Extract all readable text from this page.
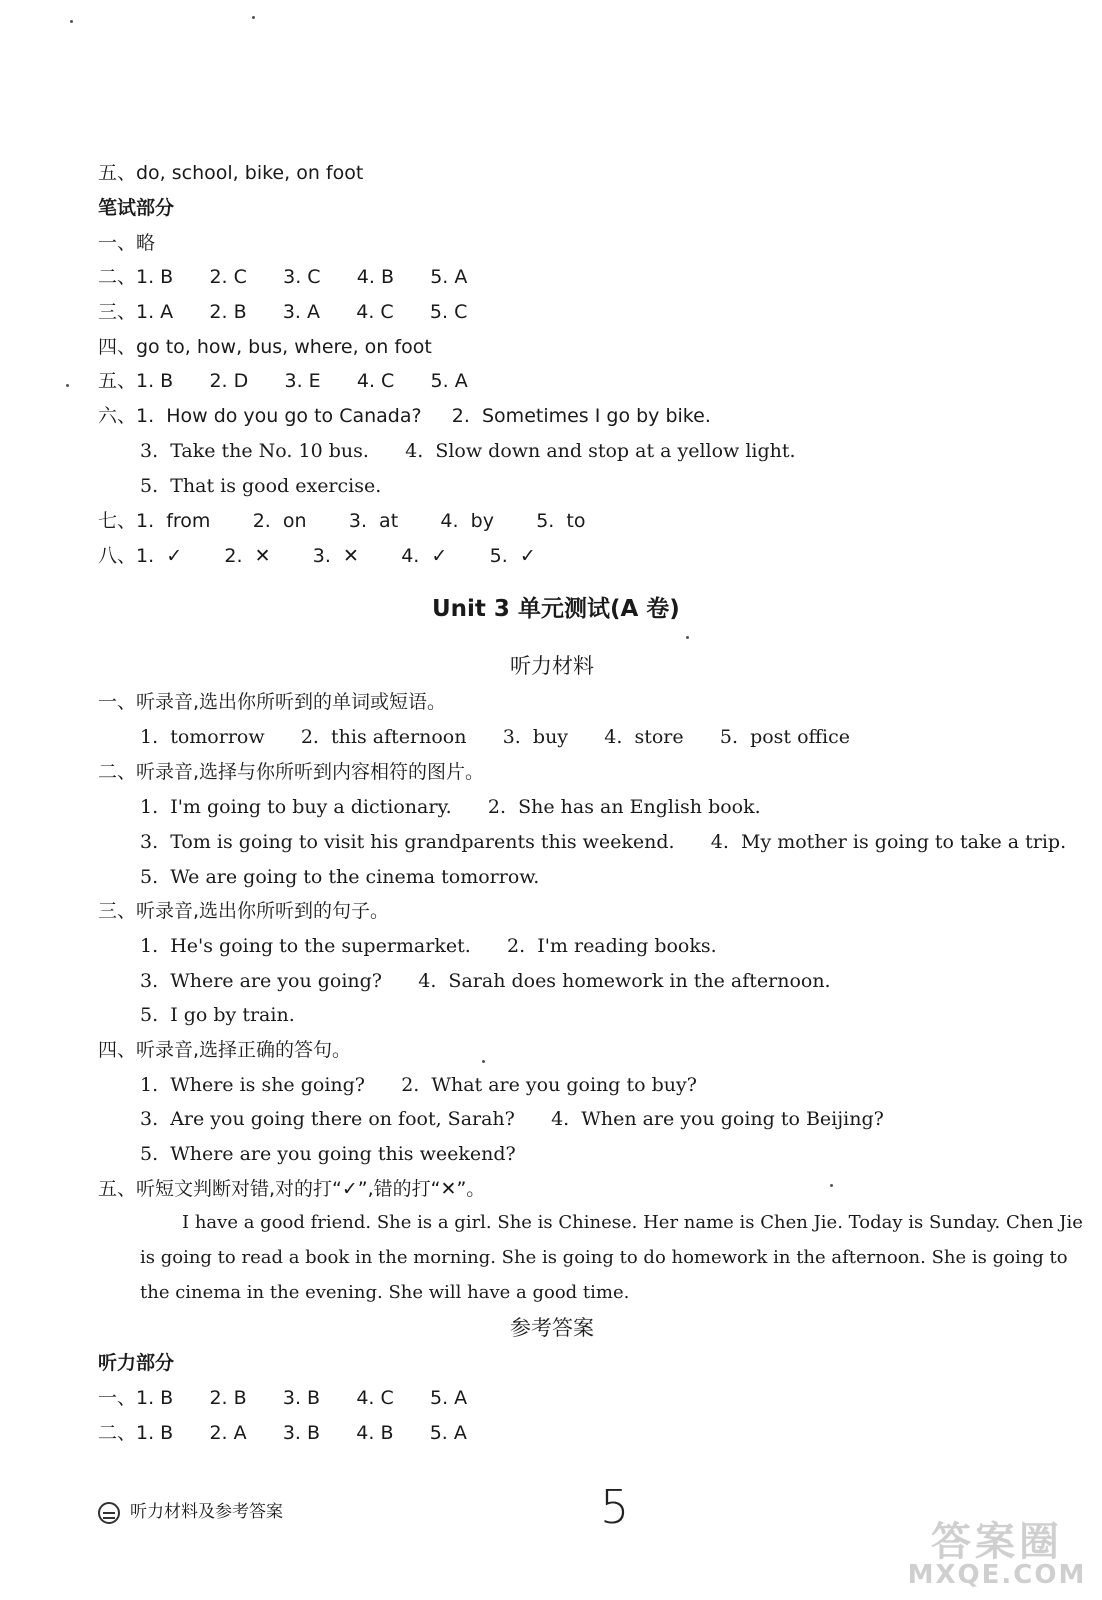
五、do, school, bike, on foot
笔试部分
一、略
二、1. B      2. C      3. C      4. B      5. A
三、1. A      2. B      3. A      4. C      5. C
四、go to, how, bus, where, on foot
五、1. B      2. D      3. E      4. C      5. A
六、1.  How do you go to Canada?     2.  Sometimes I go by bike.
3.  Take the No. 10 bus.      4.  Slow down and stop at a yellow light.
5.  That is good exercise.
七、1.  from       2.  on       3.  at       4.  by       5.  to
八、1.  ✓       2.  ✕       3.  ✕       4.  ✓       5.  ✓
Unit 3 单元测试(A 卷)
听力材料
一、听录音,选出你所听到的单词或短语。
1.  tomorrow      2.  this afternoon      3.  buy      4.  store      5.  post office
二、听录音,选择与你所听到内容相符的图片。
1.  I'm going to buy a dictionary.      2.  She has an English book.
3.  Tom is going to visit his grandparents this weekend.      4.  My mother is going to take a trip.
5.  We are going to the cinema tomorrow.
三、听录音,选出你所听到的句子。
1.  He's going to the supermarket.      2.  I'm reading books.
3.  Where are you going?      4.  Sarah does homework in the afternoon.
5.  I go by train.
四、听录音,选择正确的答句。
1.  Where is she going?      2.  What are you going to buy?
3.  Are you going there on foot, Sarah?      4.  When are you going to Beijing?
5.  Where are you going this weekend?
五、听短文判断对错,对的打“✓”,错的打“✕”。
I have a good friend. She is a girl. She is Chinese. Her name is Chen Jie. Today is Sunday. Chen Jie
is going to read a book in the morning. She is going to do homework in the afternoon. She is going to
the cinema in the evening. She will have a good time.
参考答案
听力部分
一、1. B      2. B      3. B      4. C      5. A
二、1. B      2. A      3. B      4. B      5. A
听力材料及参考答案	5
答案圈
MXQE.COM
